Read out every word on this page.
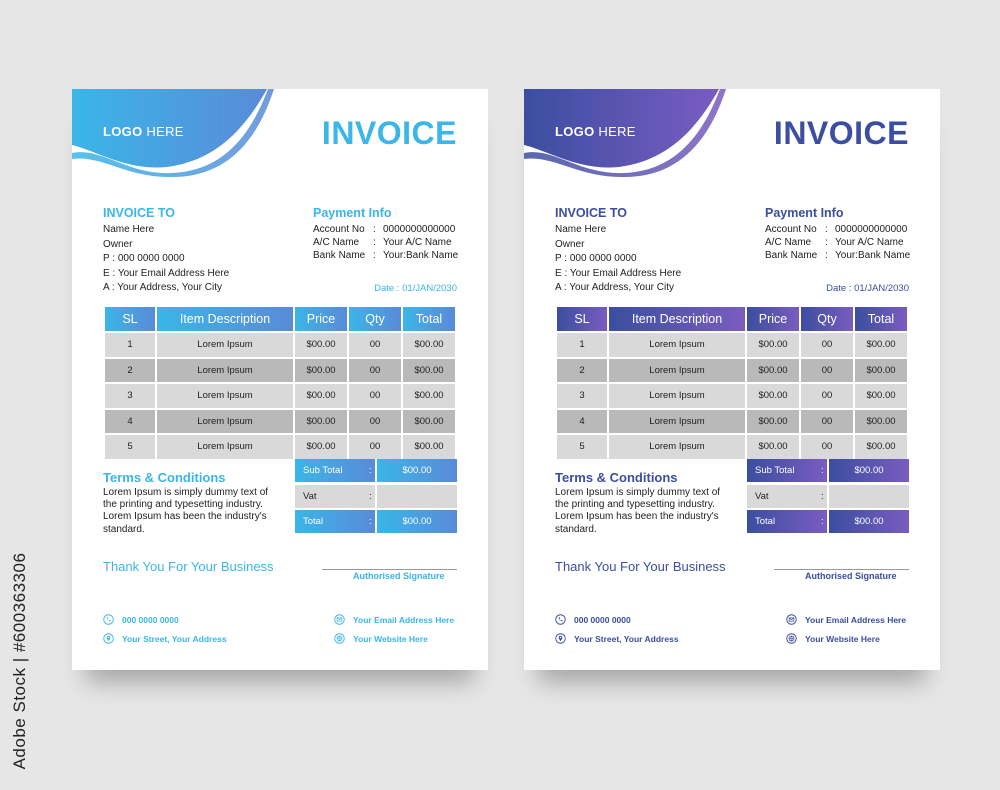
Adobe Stock | #600363306
LOGO HERE	INVOICE
INVOICE TO
Name Here
Owner
P : 000 0000 0000
E : Your Email Address Here
A : Your Address, Your City
Payment Info
Account No : 0000000000000
A/C Name : Your A/C Name
Bank Name : Your:Bank Name
Date : 01/JAN/2030
SL	Item Description	Price	Qty	Total
1	Lorem Ipsum	$00.00	00	$00.00
2	Lorem Ipsum	$00.00	00	$00.00
3	Lorem Ipsum	$00.00	00	$00.00
4	Lorem Ipsum	$00.00	00	$00.00
5	Lorem Ipsum	$00.00	00	$00.00
Terms & Conditions
Lorem Ipsum is simply dummy text of the printing and typesetting industry. Lorem Ipsum has been the industry's standard.
Sub Total	:	$00.00
Vat	:
Total	:	$00.00
Thank You For Your Business
Authorised Signature
000 0000 0000
Your Street, Your Address
Your Email Address Here
Your Website Here
LOGO HERE	INVOICE
INVOICE TO
Name Here
Owner
P : 000 0000 0000
E : Your Email Address Here
A : Your Address, Your City
Payment Info
Account No : 0000000000000
A/C Name : Your A/C Name
Bank Name : Your:Bank Name
Date : 01/JAN/2030
SL	Item Description	Price	Qty	Total
1	Lorem Ipsum	$00.00	00	$00.00
2	Lorem Ipsum	$00.00	00	$00.00
3	Lorem Ipsum	$00.00	00	$00.00
4	Lorem Ipsum	$00.00	00	$00.00
5	Lorem Ipsum	$00.00	00	$00.00
Terms & Conditions
Lorem Ipsum is simply dummy text of the printing and typesetting industry. Lorem Ipsum has been the industry's standard.
Sub Total	:	$00.00
Vat	:
Total	:	$00.00
Thank You For Your Business
Authorised Signature
000 0000 0000
Your Street, Your Address
Your Email Address Here
Your Website Here
